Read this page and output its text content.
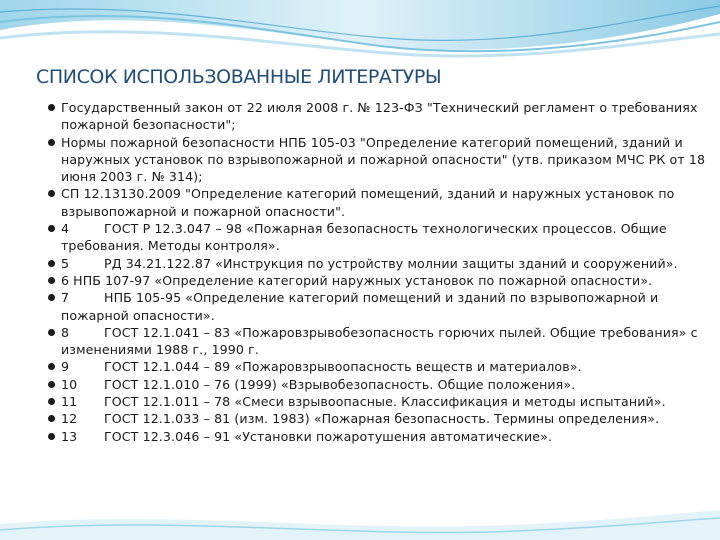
СПИСОК ИСПОЛЬЗОВАННЫЕ ЛИТЕРАТУРЫ
Государственный закон от 22 июля 2008 г. № 123-ФЗ "Технический регламент о требованиях пожарной безопасности";
Нормы пожарной безопасности НПБ 105-03 "Определение категорий помещений, зданий и наружных установок по взрывопожарной и пожарной опасности" (утв. приказом МЧС РК от 18 июня 2003 г. № 314);
СП 12.13130.2009 "Определение категорий помещений, зданий и наружных установок по взрывопожарной и пожарной опасности".
4	ГОСТ Р 12.3.047 – 98 «Пожарная безопасность технологических процессов. Общие требования. Методы контроля».
5	РД 34.21.122.87 «Инструкция по устройству молнии защиты зданий и сооружений».
6 НПБ 107-97 «Определение категорий наружных установок по пожарной опасности».
7	НПБ 105-95 «Определение категорий помещений и зданий по взрывопожарной и пожарной опасности».
8	ГОСТ 12.1.041 – 83 «Пожаровзрывобезопасность горючих пылей. Общие требования» с изменениями 1988 г., 1990 г.
9	ГОСТ 12.1.044 – 89 «Пожаровзрывоопасность веществ и материалов».
10 ГОСТ 12.1.010 – 76 (1999) «Взрывобезопасность. Общие положения».
11 ГОСТ 12.1.011 – 78 «Смеси взрывоопасные. Классификация и методы испытаний».
12 ГОСТ 12.1.033 – 81 (изм. 1983) «Пожарная безопасность. Термины определения».
13 ГОСТ 12.3.046 – 91 «Установки пожаротушения автоматические».
